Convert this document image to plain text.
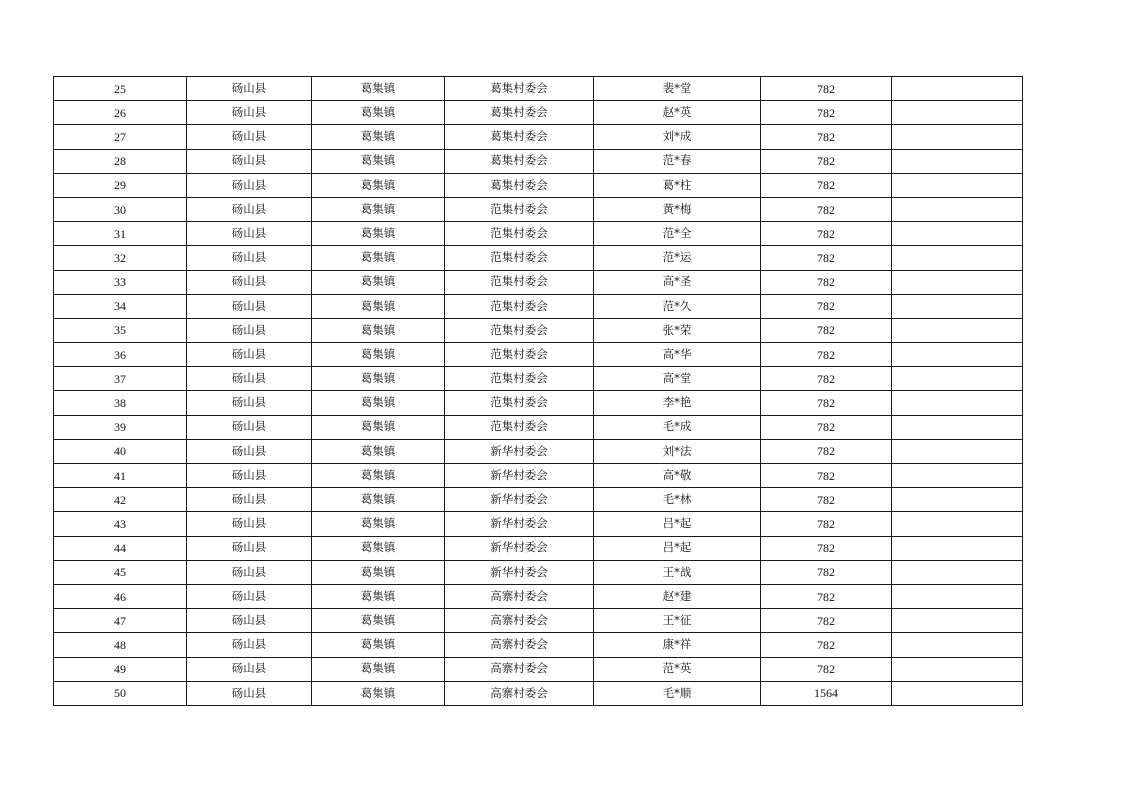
25	砀山县	葛集镇	葛集村委会	裴*堂	782	
26	砀山县	葛集镇	葛集村委会	赵*英	782	
27	砀山县	葛集镇	葛集村委会	刘*成	782	
28	砀山县	葛集镇	葛集村委会	范*春	782	
29	砀山县	葛集镇	葛集村委会	葛*柱	782	
30	砀山县	葛集镇	范集村委会	黄*梅	782	
31	砀山县	葛集镇	范集村委会	范*全	782	
32	砀山县	葛集镇	范集村委会	范*运	782	
33	砀山县	葛集镇	范集村委会	高*圣	782	
34	砀山县	葛集镇	范集村委会	范*久	782	
35	砀山县	葛集镇	范集村委会	张*荣	782	
36	砀山县	葛集镇	范集村委会	高*华	782	
37	砀山县	葛集镇	范集村委会	高*堂	782	
38	砀山县	葛集镇	范集村委会	李*艳	782	
39	砀山县	葛集镇	范集村委会	毛*成	782	
40	砀山县	葛集镇	新华村委会	刘*法	782	
41	砀山县	葛集镇	新华村委会	高*敬	782	
42	砀山县	葛集镇	新华村委会	毛*林	782	
43	砀山县	葛集镇	新华村委会	吕*起	782	
44	砀山县	葛集镇	新华村委会	吕*起	782	
45	砀山县	葛集镇	新华村委会	王*战	782	
46	砀山县	葛集镇	高寨村委会	赵*建	782	
47	砀山县	葛集镇	高寨村委会	王*征	782	
48	砀山县	葛集镇	高寨村委会	康*祥	782	
49	砀山县	葛集镇	高寨村委会	范*英	782	
50	砀山县	葛集镇	高寨村委会	毛*顺	1564	
